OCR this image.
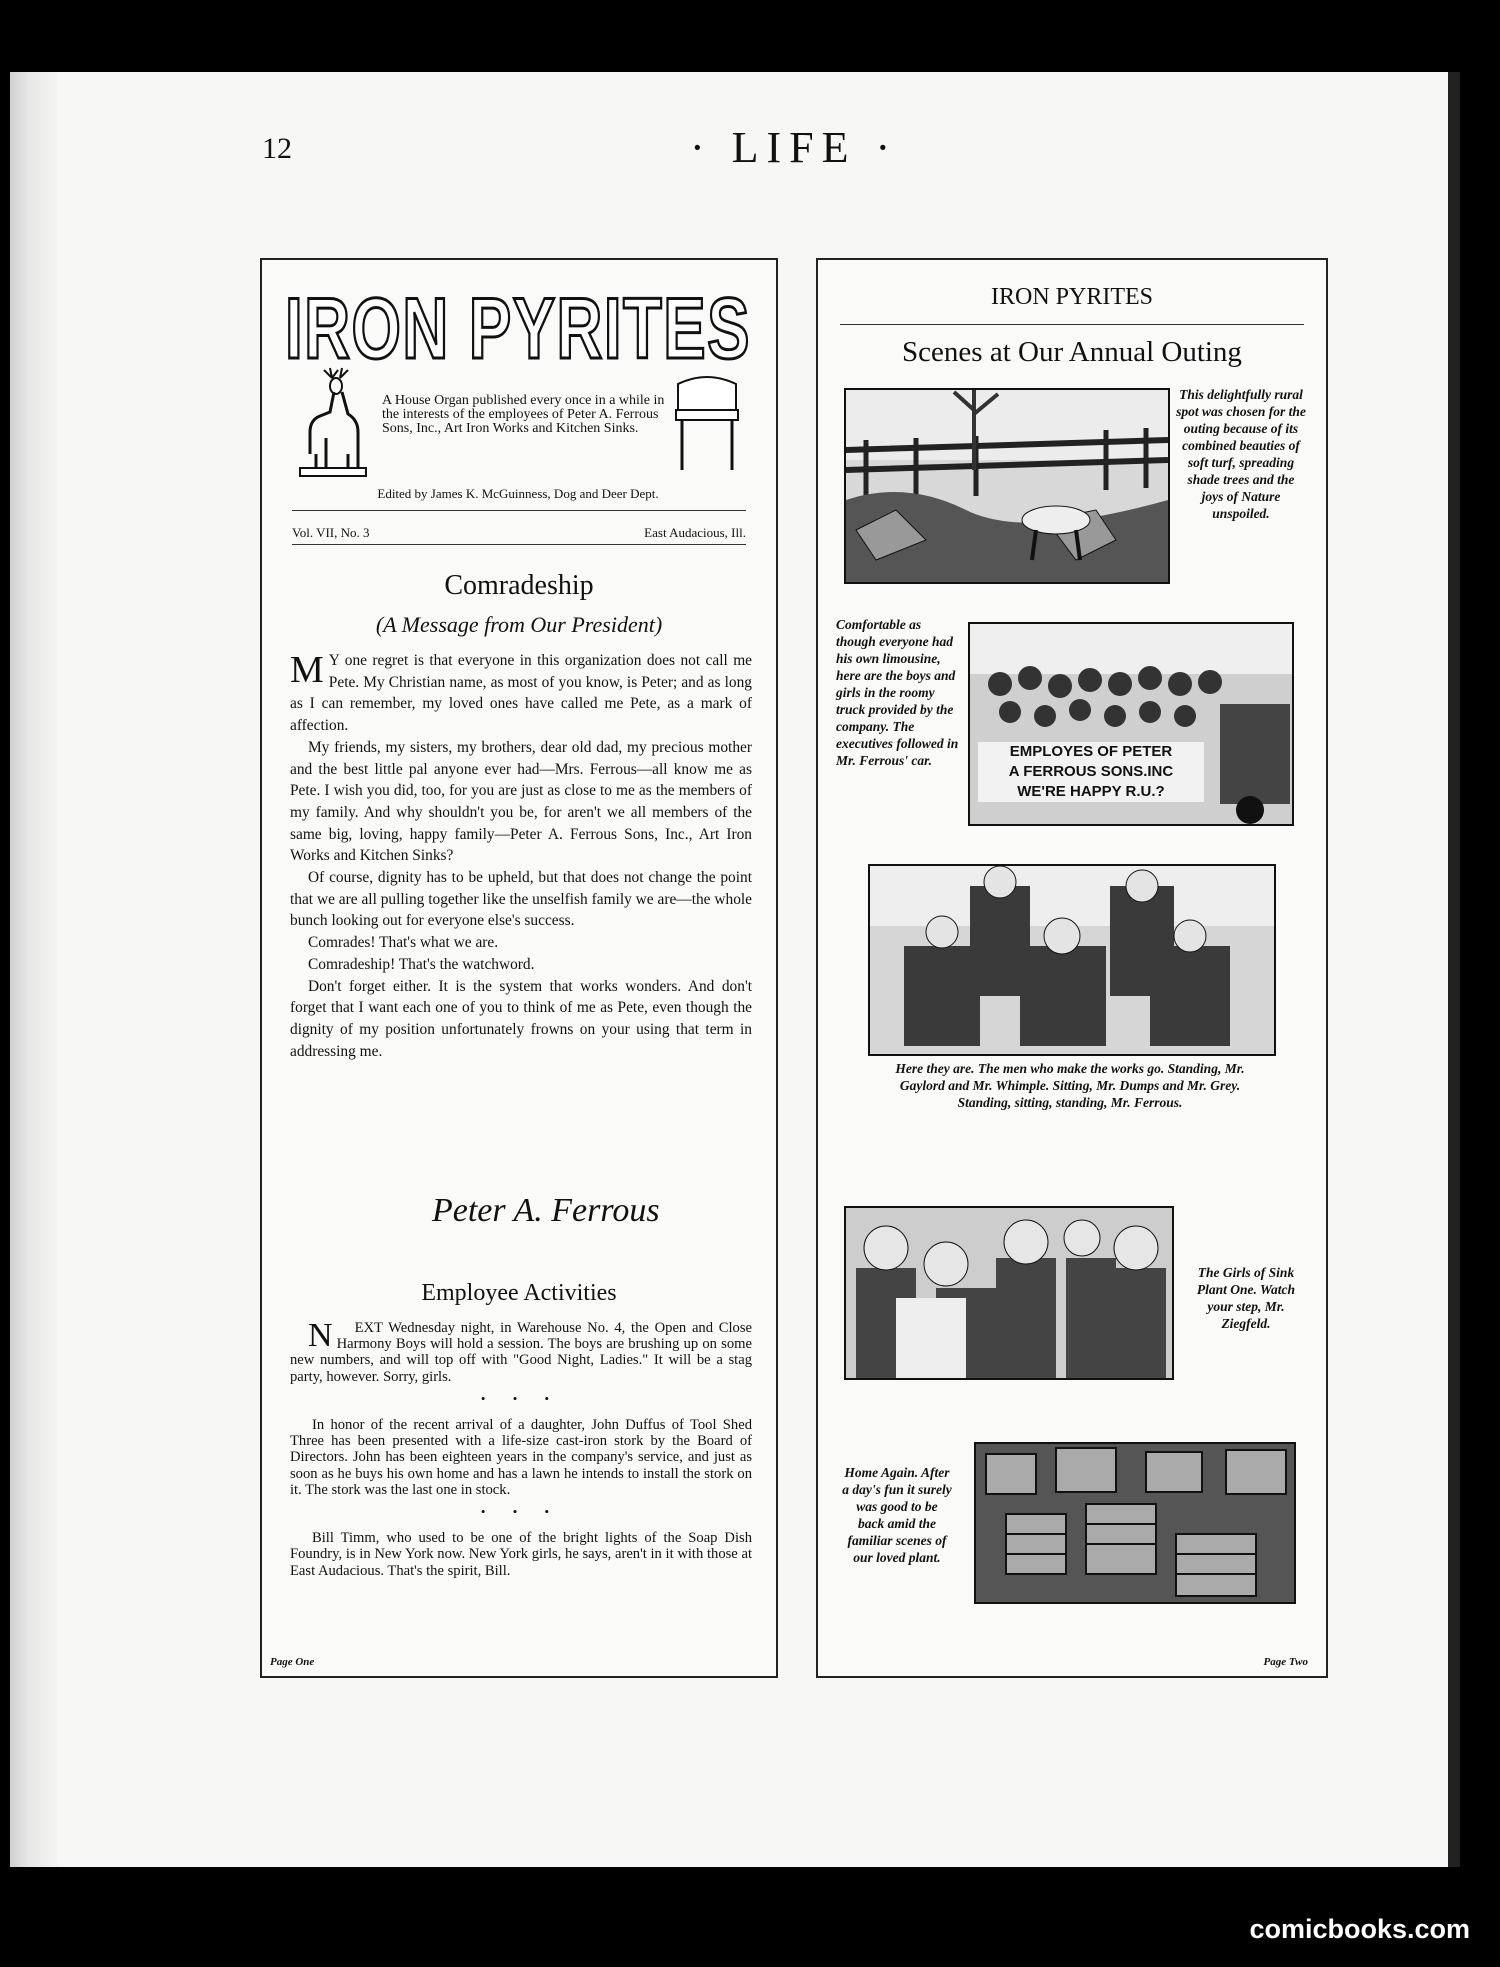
12	· LIFE ·
IRON PYRITES
A House Organ published every once in a while in the interests of the employees of Peter A. Ferrous Sons, Inc., Art Iron Works and Kitchen Sinks.
Edited by James K. McGuinness, Dog and Deer Dept.
Vol. VII, No. 3	East Audacious, Ill.
Comradeship
(A Message from Our President)

M Y one regret is that everyone in this organization does not call me Pete. My Christian name, as most of you know, is Peter; and as long as I can remember, my loved ones have called me Pete, as a mark of affection.

My friends, my sisters, my brothers, dear old dad, my precious mother and the best little pal anyone ever had—Mrs. Ferrous—all know me as Pete. I wish you did, too, for you are just as close to me as the members of my family. And why shouldn't you be, for aren't we all members of the same big, loving, happy family—Peter A. Ferrous Sons, Inc., Art Iron Works and Kitchen Sinks?

Of course, dignity has to be upheld, but that does not change the point that we are all pulling together like the unselfish family we are—the whole bunch looking out for everyone else's success.

Comrades! That's what we are.

Comradeship! That's the watchword.

Don't forget either. It is the system that works wonders. And don't forget that I want each one of you to think of me as Pete, even though the dignity of my position unfortunately frowns on your using that term in addressing me.

Peter A. Ferrous
Employee Activities

N EXT Wednesday night, in Warehouse No. 4, the Open and Close Harmony Boys will hold a session. The boys are brushing up on some new numbers, and will top off with "Good Night, Ladies." It will be a stag party, however. Sorry, girls.

• • •

In honor of the recent arrival of a daughter, John Duffus of Tool Shed Three has been presented with a life-size cast-iron stork by the Board of Directors. John has been eighteen years in the company's service, and just as soon as he buys his own home and has a lawn he intends to install the stork on it. The stork was the last one in stock.

• • •

Bill Timm, who used to be one of the bright lights of the Soap Dish Foundry, is in New York now. New York girls, he says, aren't in it with those at East Audacious. That's the spirit, Bill.

Page One
IRON PYRITES
Scenes at Our Annual Outing
This delightfully rural spot was chosen for the outing because of its combined beauties of soft turf, spreading shade trees and the joys of Nature unspoiled.
Comfortable as though everyone had his own limousine, here are the boys and girls in the roomy truck provided by the company. The executives followed in Mr. Ferrous' car.
EMPLOYES OF PETER
A FERROUS SONS.INC
WE'RE HAPPY R.U.?
Here they are. The men who make the works go. Standing, Mr. Gaylord and Mr. Whimple. Sitting, Mr. Dumps and Mr. Grey. Standing, sitting, standing, Mr. Ferrous.
The Girls of Sink Plant One. Watch your step, Mr. Ziegfeld.
Home Again. After a day's fun it surely was good to be back amid the familiar scenes of our loved plant.
Page Two
comicbooks.com
